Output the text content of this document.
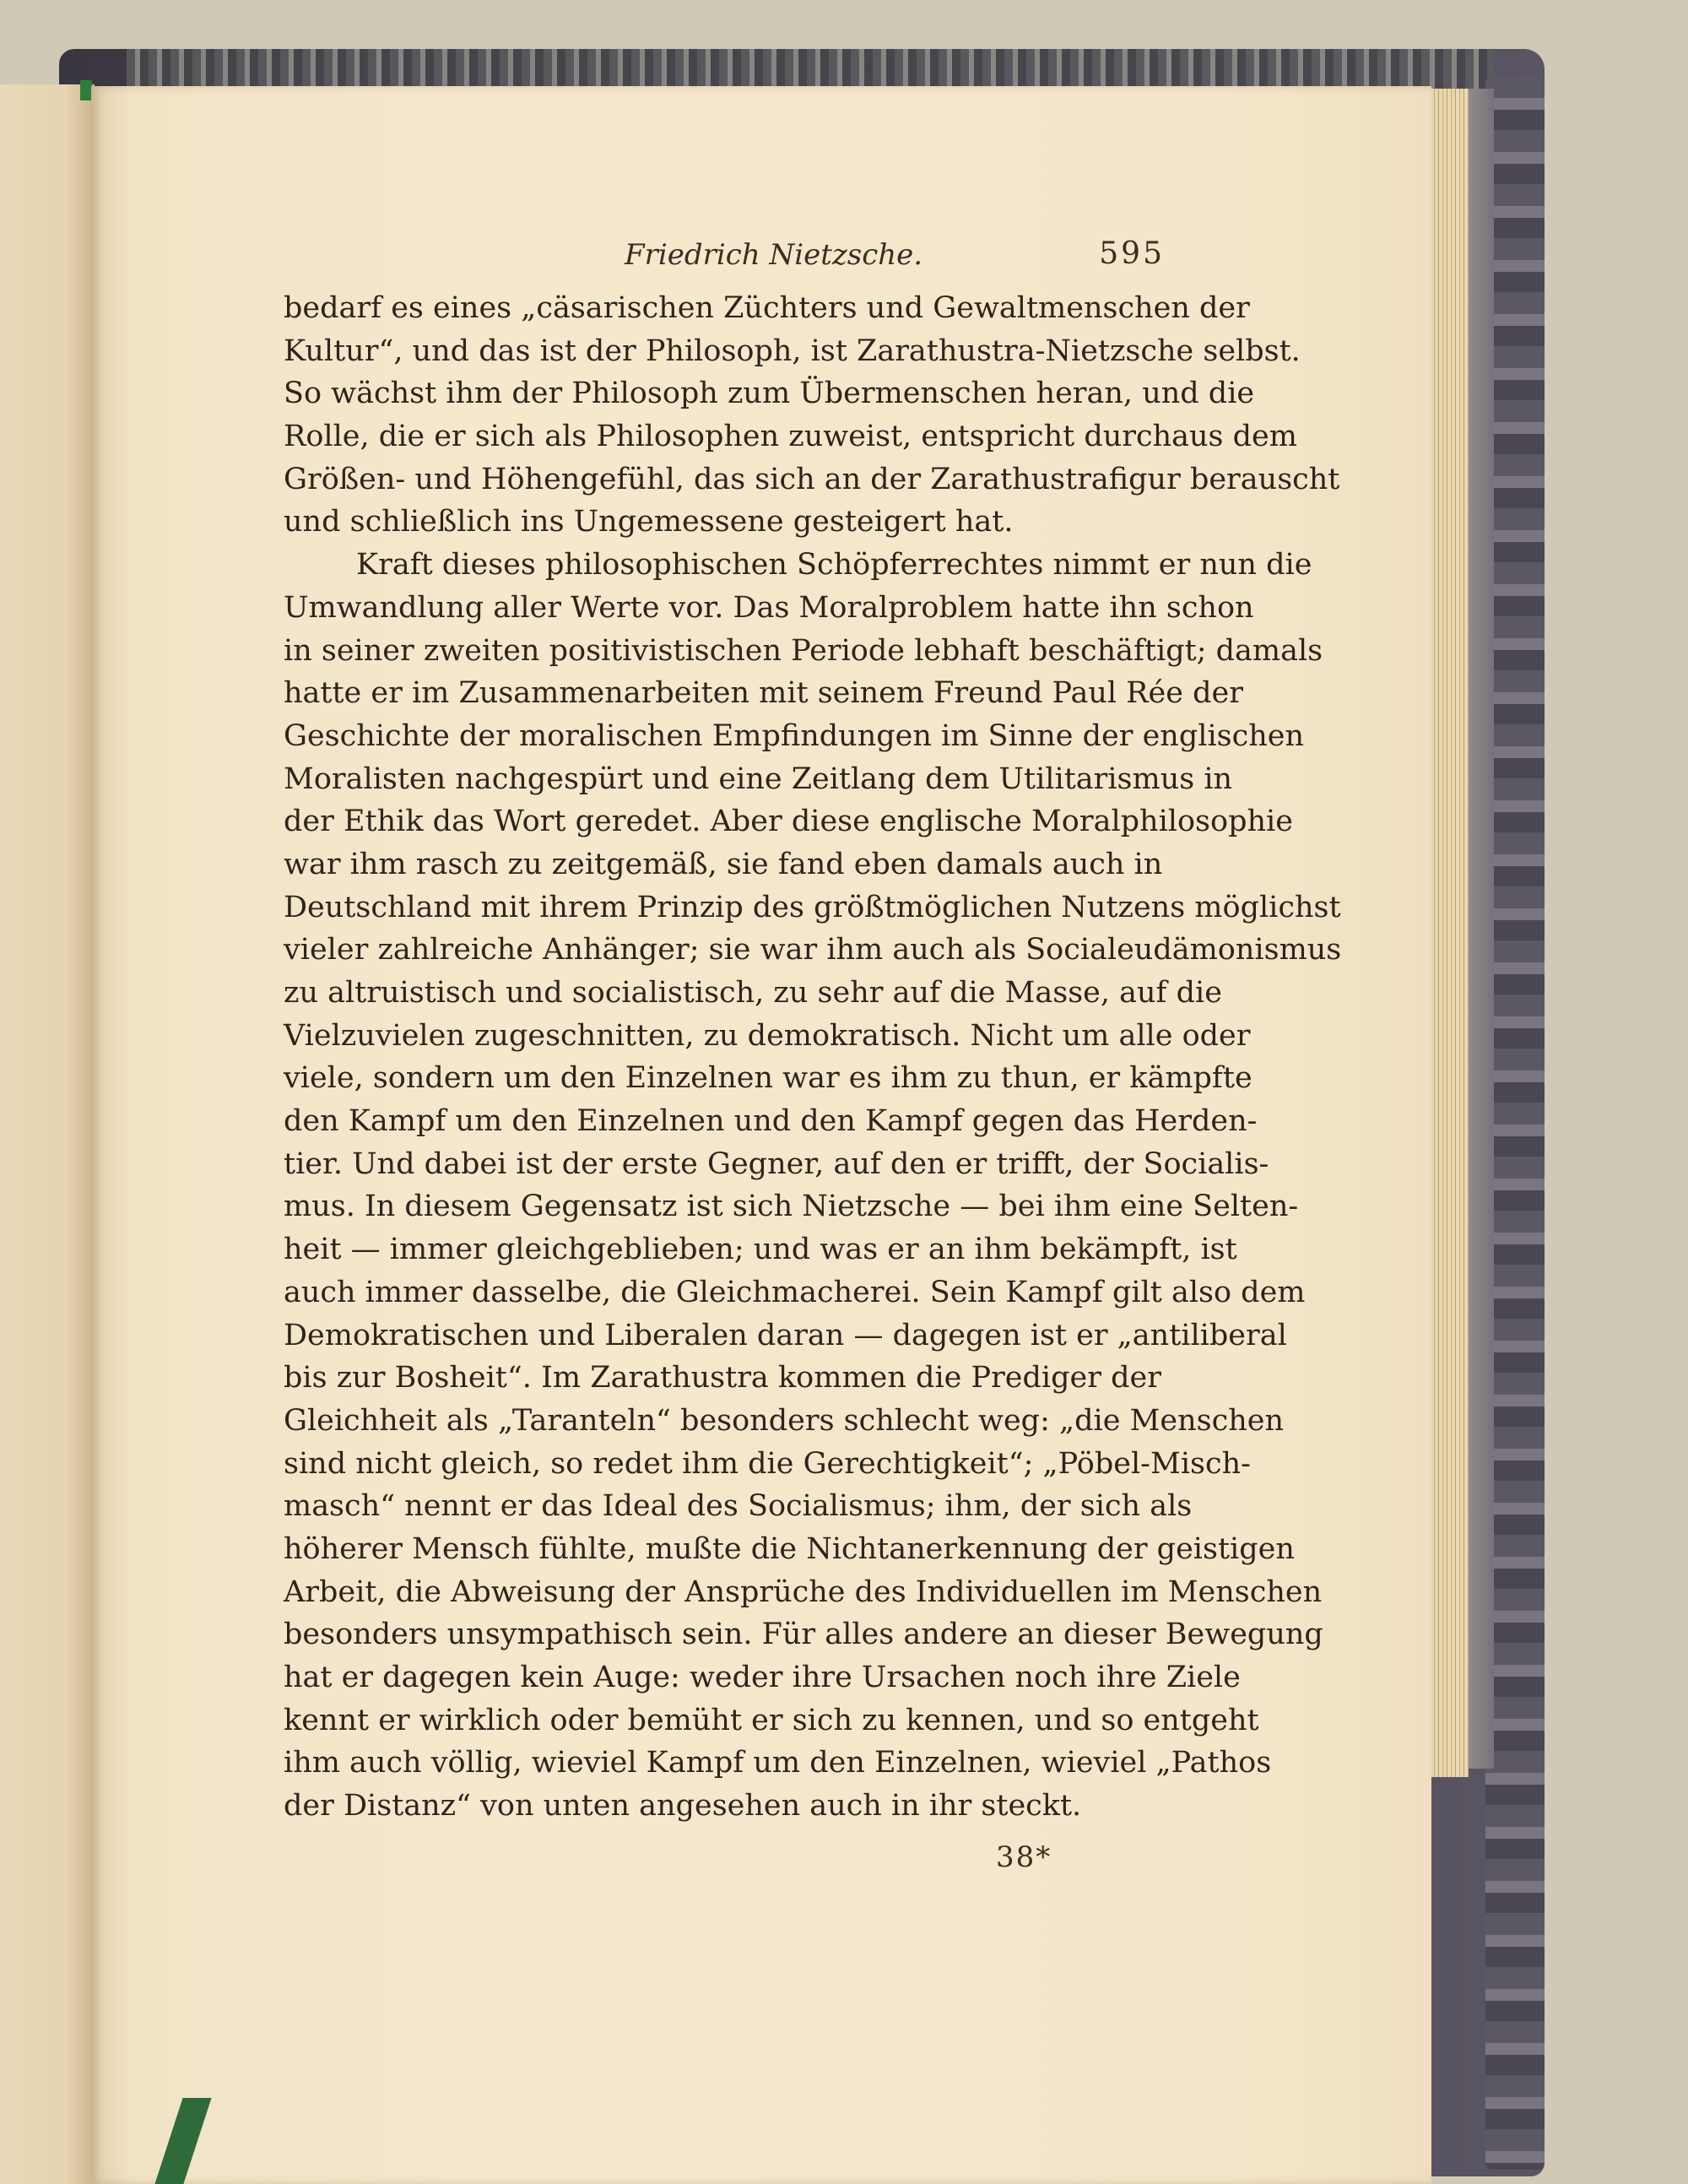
Friedrich Nietzsche.	595
bedarf es eines „cäsarischen Züchters und Gewaltmenschen der
Kultur“, und das ist der Philosoph, ist Zarathustra-Nietzsche selbst.
So wächst ihm der Philosoph zum Übermenschen heran, und die
Rolle, die er sich als Philosophen zuweist, entspricht durchaus dem
Größen- und Höhengefühl, das sich an der Zarathustrafigur berauscht
und schließlich ins Ungemessene gesteigert hat.
Kraft dieses philosophischen Schöpferrechtes nimmt er nun die
Umwandlung aller Werte vor. Das Moralproblem hatte ihn schon
in seiner zweiten positivistischen Periode lebhaft beschäftigt; damals
hatte er im Zusammenarbeiten mit seinem Freund Paul Rée der
Geschichte der moralischen Empfindungen im Sinne der englischen
Moralisten nachgespürt und eine Zeitlang dem Utilitarismus in
der Ethik das Wort geredet. Aber diese englische Moralphilosophie
war ihm rasch zu zeitgemäß, sie fand eben damals auch in
Deutschland mit ihrem Prinzip des größtmöglichen Nutzens möglichst
vieler zahlreiche Anhänger; sie war ihm auch als Socialeudämonismus
zu altruistisch und socialistisch, zu sehr auf die Masse, auf die
Vielzuvielen zugeschnitten, zu demokratisch. Nicht um alle oder
viele, sondern um den Einzelnen war es ihm zu thun, er kämpfte
den Kampf um den Einzelnen und den Kampf gegen das Herden-
tier. Und dabei ist der erste Gegner, auf den er trifft, der Socialis-
mus. In diesem Gegensatz ist sich Nietzsche — bei ihm eine Selten-
heit — immer gleichgeblieben; und was er an ihm bekämpft, ist
auch immer dasselbe, die Gleichmacherei. Sein Kampf gilt also dem
Demokratischen und Liberalen daran — dagegen ist er „antiliberal
bis zur Bosheit“. Im Zarathustra kommen die Prediger der
Gleichheit als „Taranteln“ besonders schlecht weg: „die Menschen
sind nicht gleich, so redet ihm die Gerechtigkeit“; „Pöbel-Misch-
masch“ nennt er das Ideal des Socialismus; ihm, der sich als
höherer Mensch fühlte, mußte die Nichtanerkennung der geistigen
Arbeit, die Abweisung der Ansprüche des Individuellen im Menschen
besonders unsympathisch sein. Für alles andere an dieser Bewegung
hat er dagegen kein Auge: weder ihre Ursachen noch ihre Ziele
kennt er wirklich oder bemüht er sich zu kennen, und so entgeht
ihm auch völlig, wieviel Kampf um den Einzelnen, wieviel „Pathos
der Distanz“ von unten angesehen auch in ihr steckt.
38*
